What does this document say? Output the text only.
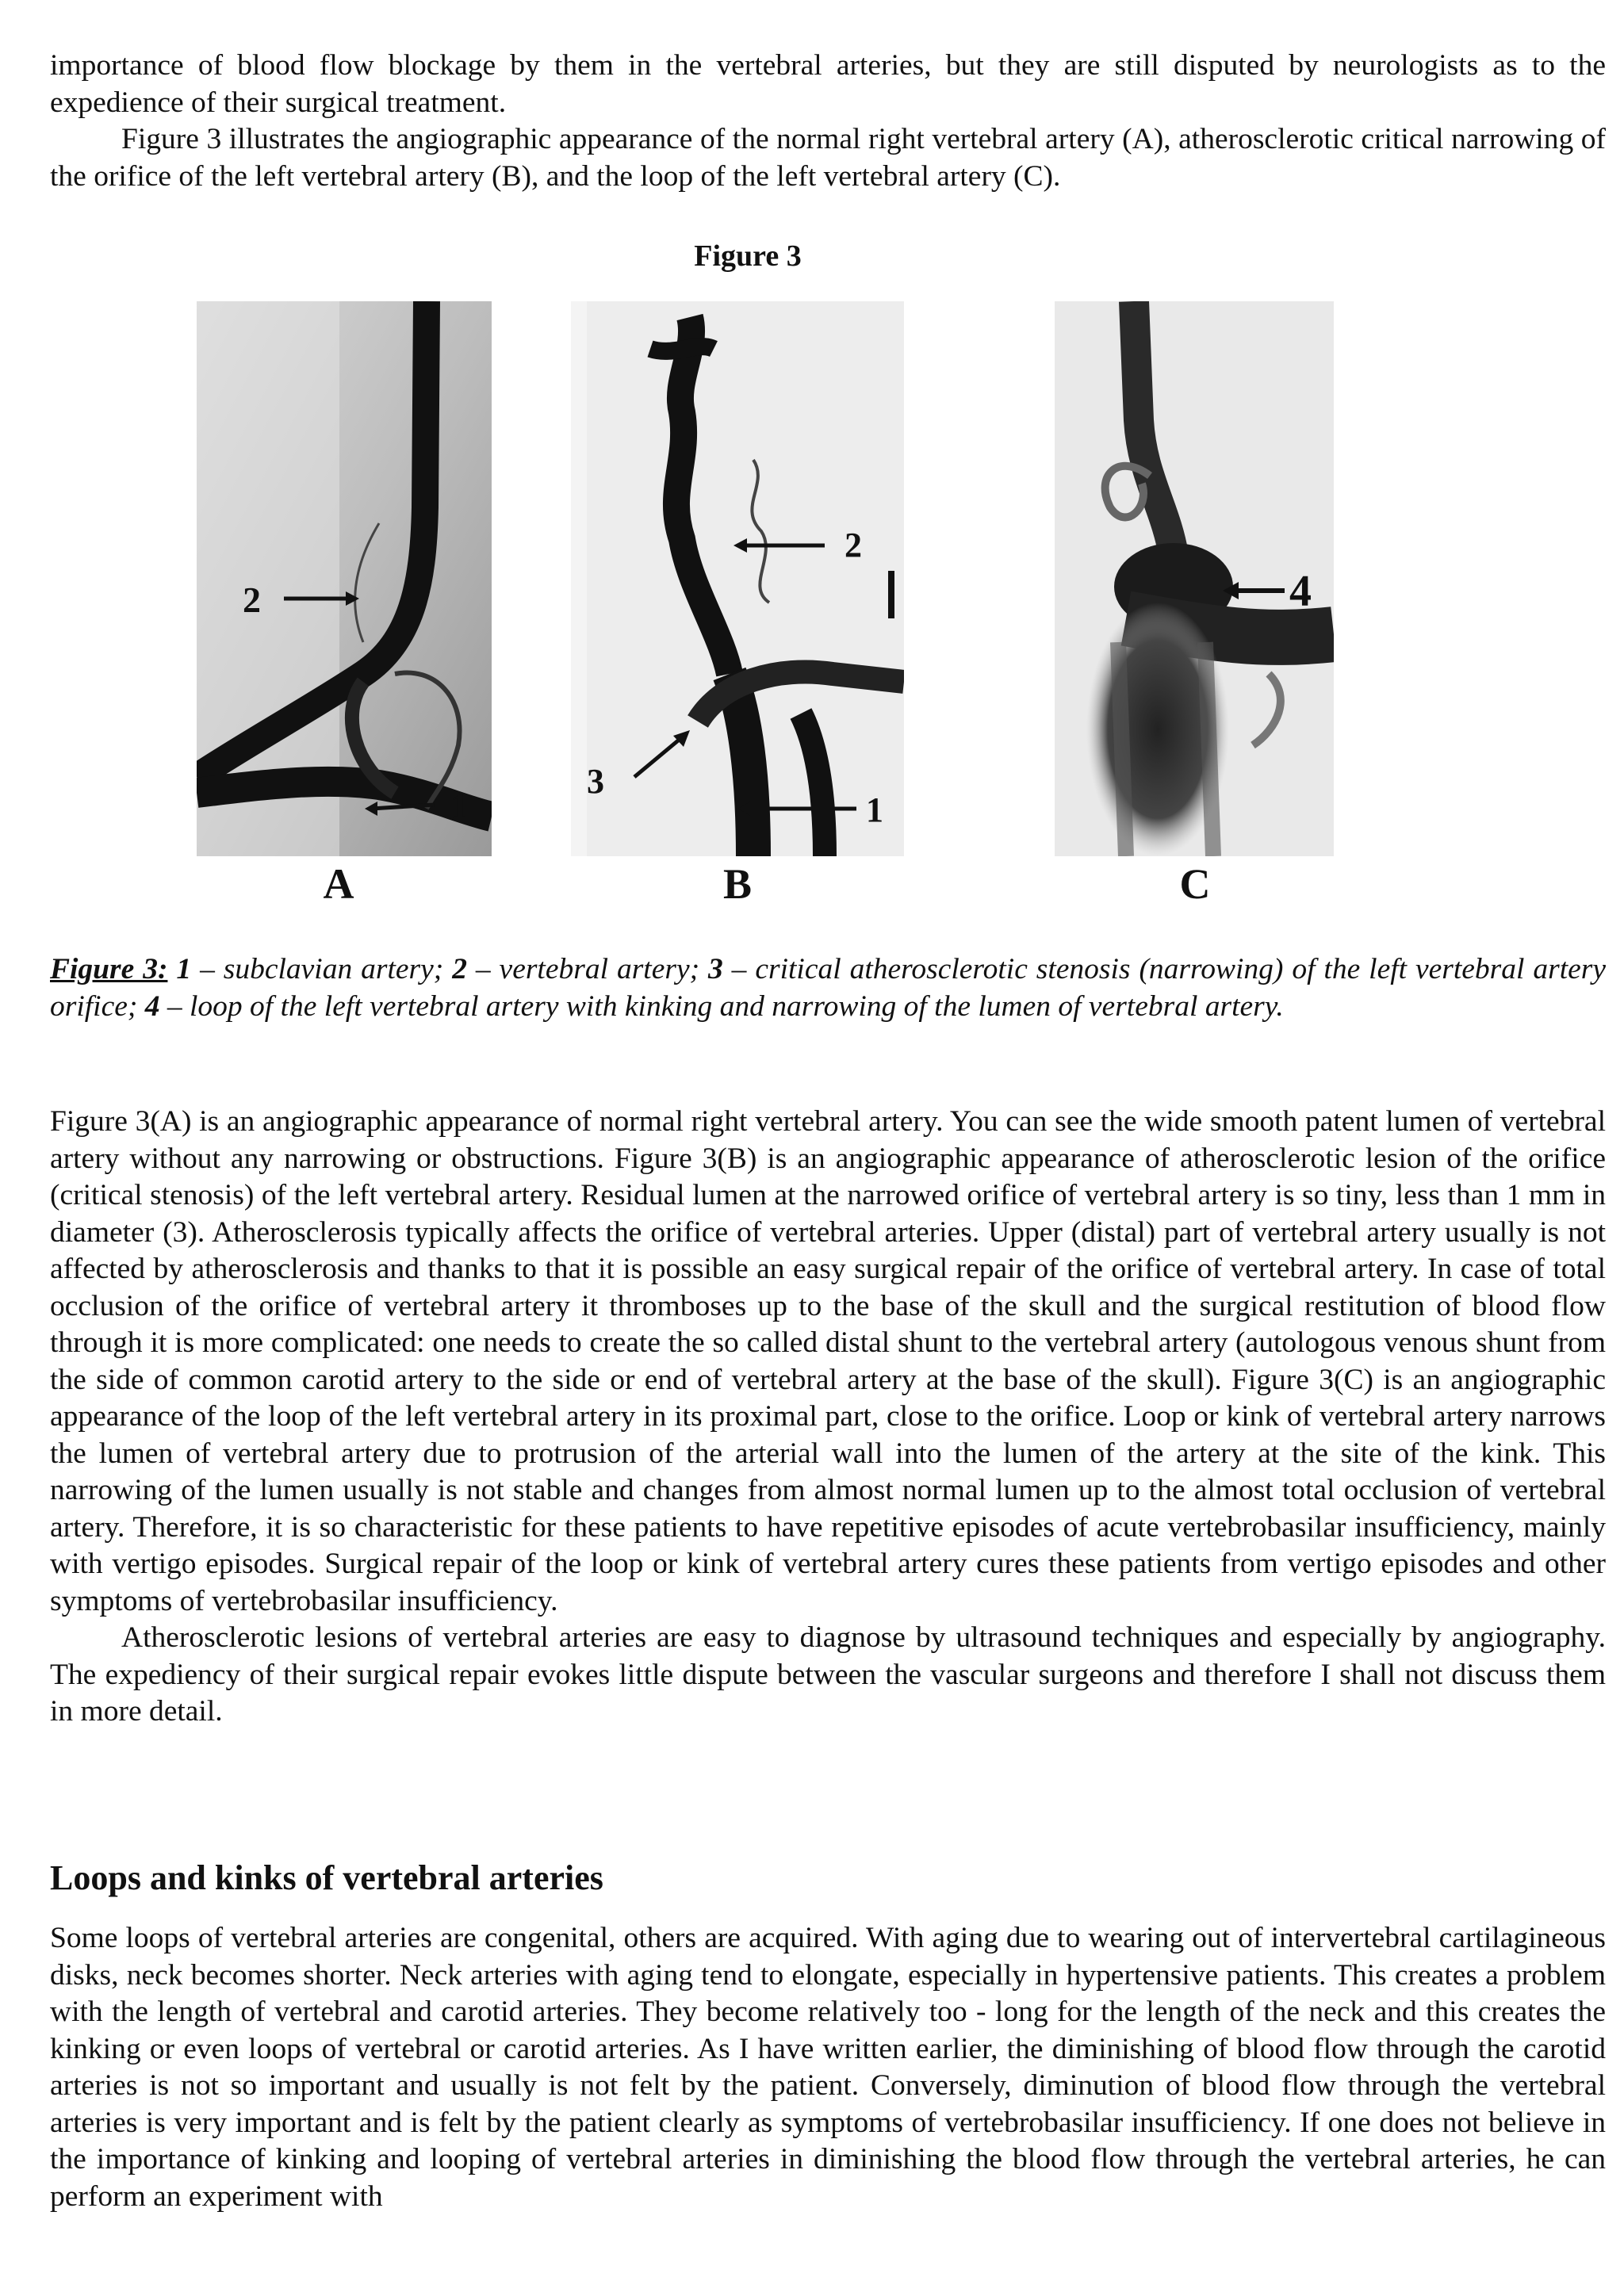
importance of blood flow blockage by them in the vertebral arteries, but they are still disputed by neurologists as to the expedience of their surgical treatment.

Figure 3 illustrates the angiographic appearance of the normal right vertebral artery (A), atherosclerotic critical narrowing of the orifice of the left vertebral artery (B), and the loop of the left vertebral artery (C).

Figure 3
2
1
A
2
3
1
B
4
C
Figure 3: 1 – subclavian artery; 2 – vertebral artery; 3 – critical atherosclerotic stenosis (narrowing) of the left vertebral artery orifice; 4 – loop of the left vertebral artery with kinking and narrowing of the lumen of vertebral artery.

Figure 3(A) is an angiographic appearance of normal right vertebral artery. You can see the wide smooth patent lumen of vertebral artery without any narrowing or obstructions. Figure 3(B) is an angiographic appearance of atherosclerotic lesion of the orifice (critical stenosis) of the left vertebral artery. Residual lumen at the narrowed orifice of vertebral artery is so tiny, less than 1 mm in diameter (3). Atherosclerosis typically affects the orifice of vertebral arteries. Upper (distal) part of vertebral artery usually is not affected by atherosclerosis and thanks to that it is possible an easy surgical repair of the orifice of vertebral artery. In case of total occlusion of the orifice of vertebral artery it thromboses up to the base of the skull and the surgical restitution of blood flow through it is more complicated: one needs to create the so called distal shunt to the vertebral artery (autologous venous shunt from the side of common carotid artery to the side or end of vertebral artery at the base of the skull). Figure 3(C) is an angiographic appearance of the loop of the left vertebral artery in its proximal part, close to the orifice. Loop or kink of vertebral artery narrows the lumen of vertebral artery due to protrusion of the arterial wall into the lumen of the artery at the site of the kink. This narrowing of the lumen usually is not stable and changes from almost normal lumen up to the almost total occlusion of vertebral artery. Therefore, it is so characteristic for these patients to have repetitive episodes of acute vertebrobasilar insufficiency, mainly with vertigo episodes. Surgical repair of the loop or kink of vertebral artery cures these patients from vertigo episodes and other symptoms of vertebrobasilar insufficiency.

Atherosclerotic lesions of vertebral arteries are easy to diagnose by ultrasound techniques and especially by angiography. The expediency of their surgical repair evokes little dispute between the vascular surgeons and therefore I shall not discuss them in more detail.

Loops and kinks of vertebral arteries

Some loops of vertebral arteries are congenital, others are acquired. With aging due to wearing out of intervertebral cartilagineous disks, neck becomes shorter. Neck arteries with aging tend to elongate, especially in hypertensive patients. This creates a problem with the length of vertebral and carotid arteries. They become relatively too - long for the length of the neck and this creates the kinking or even loops of vertebral or carotid arteries. As I have written earlier, the diminishing of blood flow through the carotid arteries is not so important and usually is not felt by the patient. Conversely, diminution of blood flow through the vertebral arteries is very important and is felt by the patient clearly as symptoms of vertebrobasilar insufficiency. If one does not believe in the importance of kinking and looping of vertebral arteries in diminishing the blood flow through the vertebral arteries, he can perform an experiment with
